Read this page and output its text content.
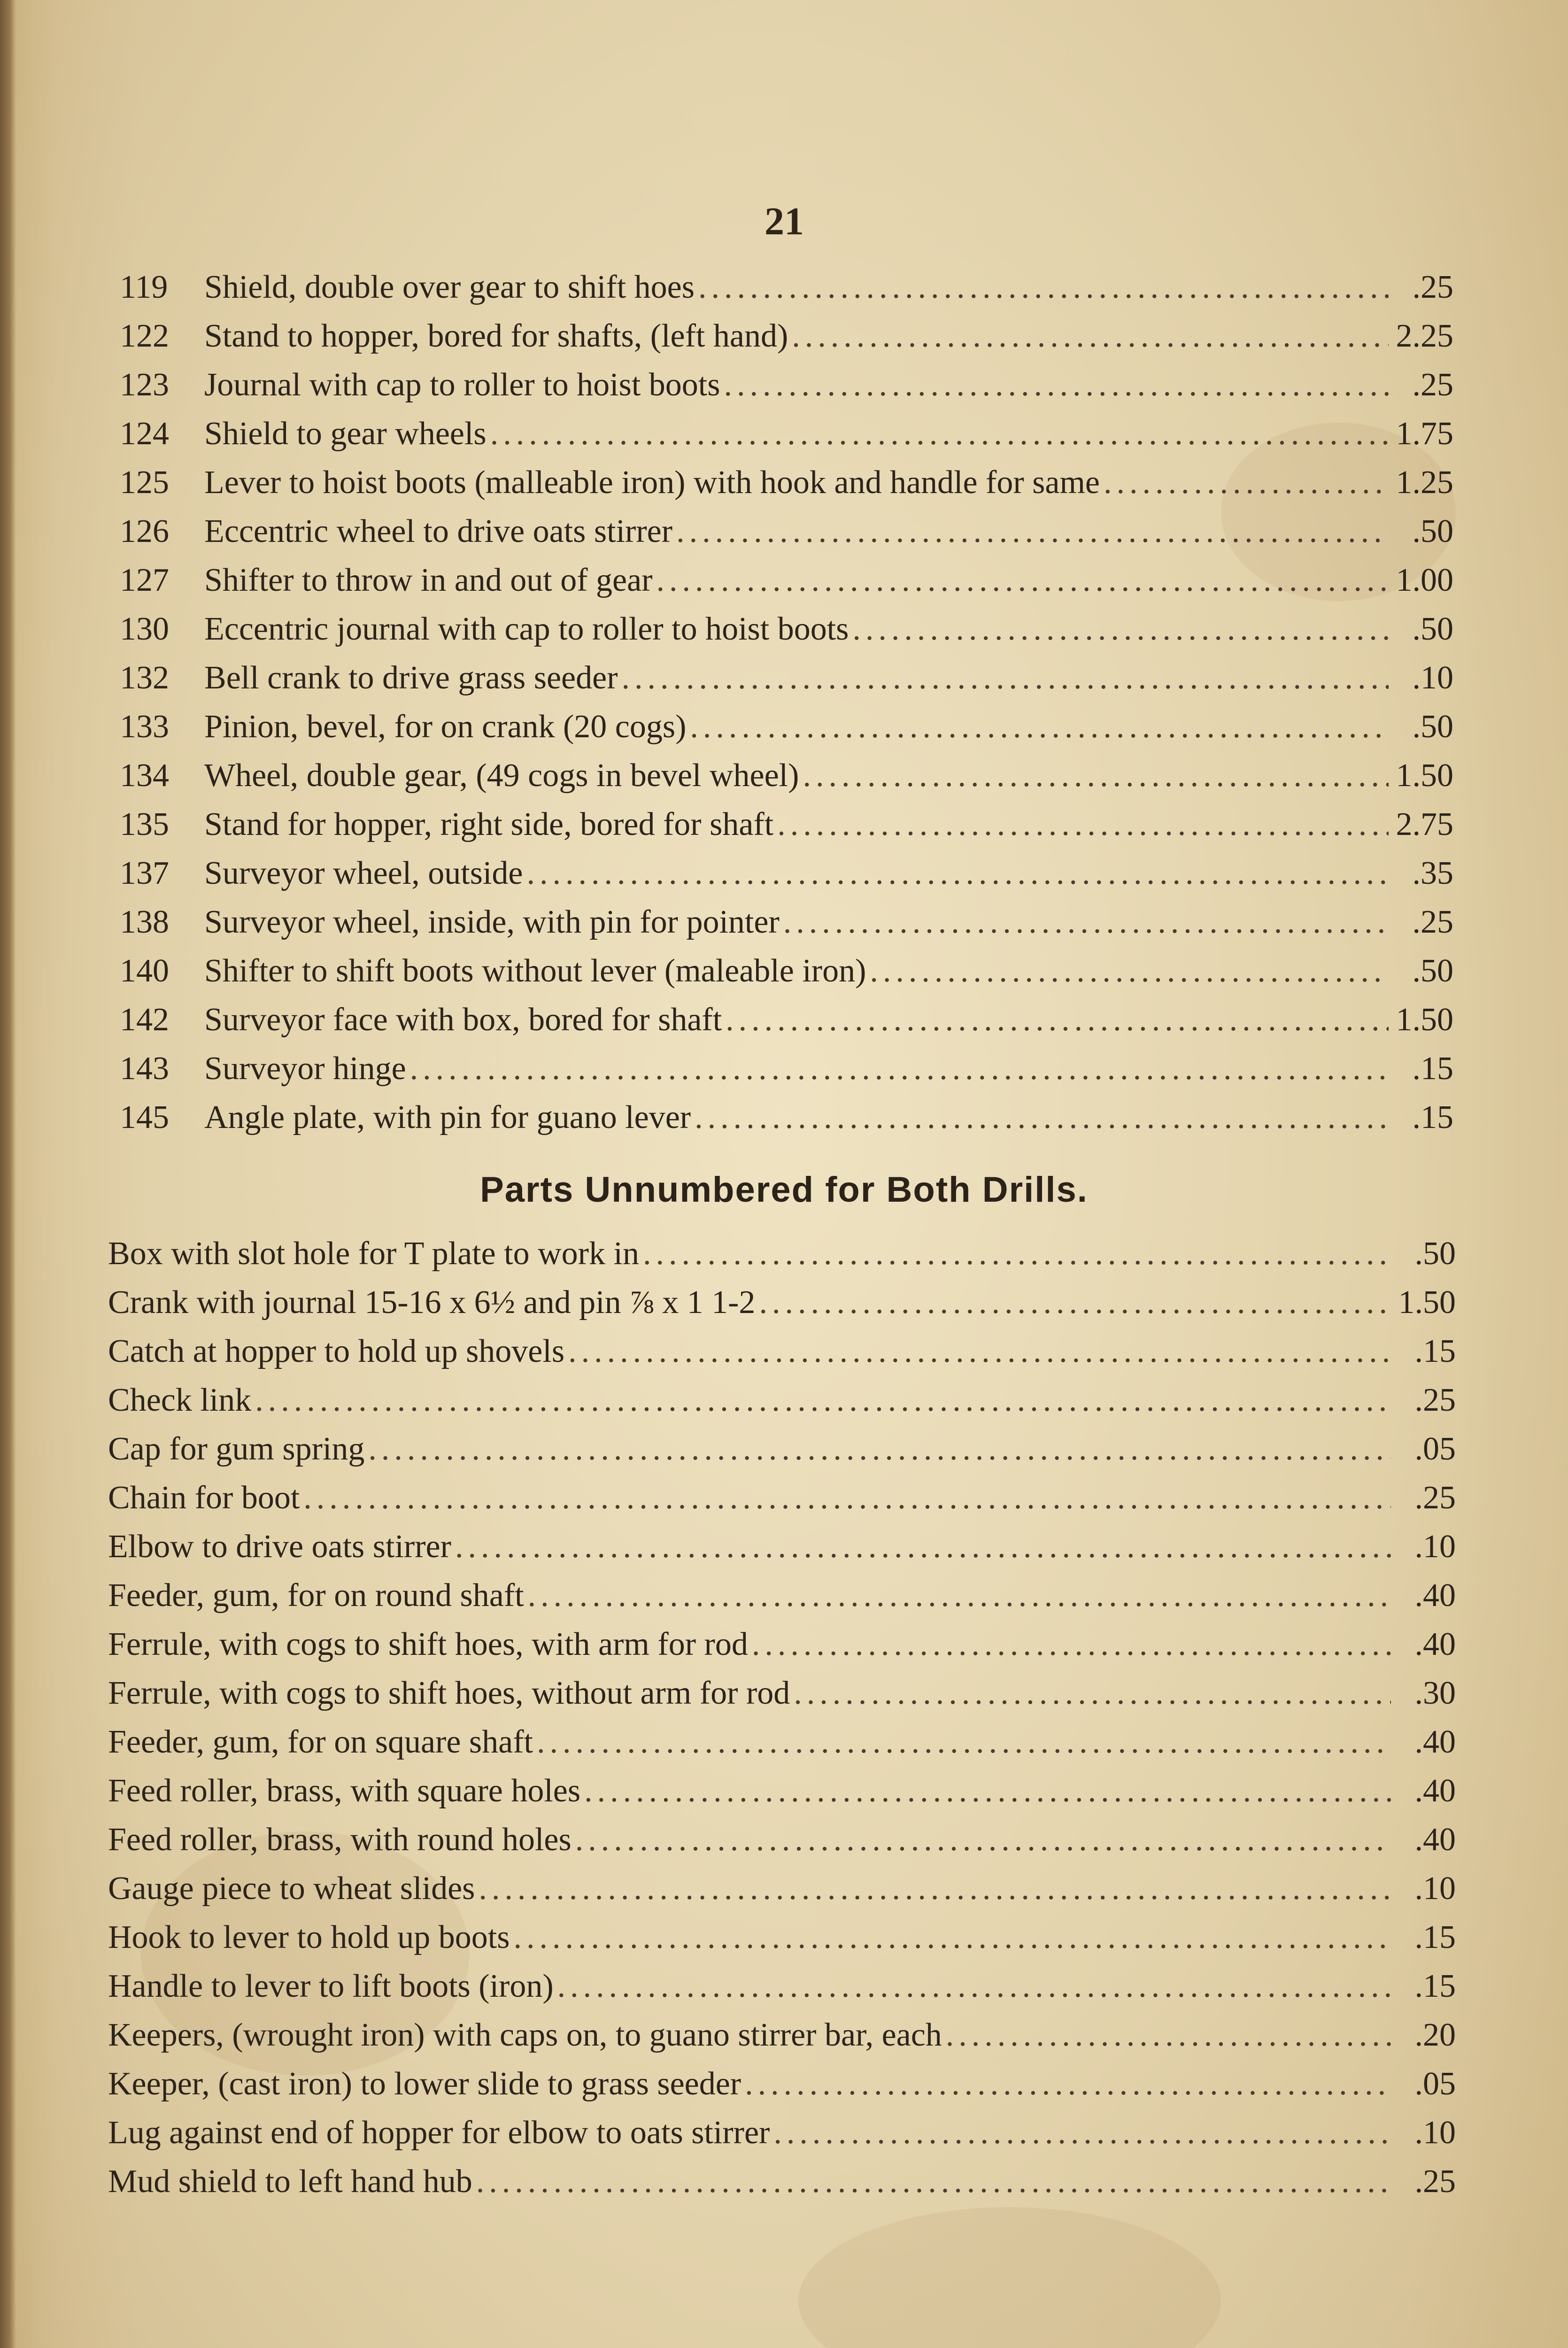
21
119	Shield, double over gear to shift hoes .....	.25
122	Stand to hopper, bored for shafts, (left hand) .....	2.25
123	Journal with cap to roller to hoist boots .....	.25
124	Shield to gear wheels .....	1.75
125	Lever to hoist boots (malleable iron) with hook and handle for same .....	1.25
126	Eccentric wheel to drive oats stirrer .....	.50
127	Shifter to throw in and out of gear .....	1.00
130	Eccentric journal with cap to roller to hoist boots .....	.50
132	Bell crank to drive grass seeder .....	.10
133	Pinion, bevel, for on crank (20 cogs) .....	.50
134	Wheel, double gear, (49 cogs in bevel wheel) .....	1.50
135	Stand for hopper, right side, bored for shaft .....	2.75
137	Surveyor wheel, outside .....	.35
138	Surveyor wheel, inside, with pin for pointer .....	.25
140	Shifter to shift boots without lever (maleable iron) .....	.50
142	Surveyor face with box, bored for shaft .....	1.50
143	Surveyor hinge .....	.15
145	Angle plate, with pin for guano lever .....	.15
Parts Unnumbered for Both Drills.
Box with slot hole for T plate to work in .....	.50
Crank with journal 15-16 x 6½ and pin ⅞ x 1 1-2 .....	1.50
Catch at hopper to hold up shovels .....	.15
Check link .....	.25
Cap for gum spring .....	.05
Chain for boot .....	.25
Elbow to drive oats stirrer .....	.10
Feeder, gum, for on round shaft .....	.40
Ferrule, with cogs to shift hoes, with arm for rod .....	.40
Ferrule, with cogs to shift hoes, without arm for rod .....	.30
Feeder, gum, for on square shaft .....	.40
Feed roller, brass, with square holes .....	.40
Feed roller, brass, with round holes .....	.40
Gauge piece to wheat slides .....	.10
Hook to lever to hold up boots .....	.15
Handle to lever to lift boots (iron) .....	.15
Keepers, (wrought iron) with caps on, to guano stirrer bar, each .....	.20
Keeper, (cast iron) to lower slide to grass seeder .....	.05
Lug against end of hopper for elbow to oats stirrer .....	.10
Mud shield to left hand hub .....	.25
